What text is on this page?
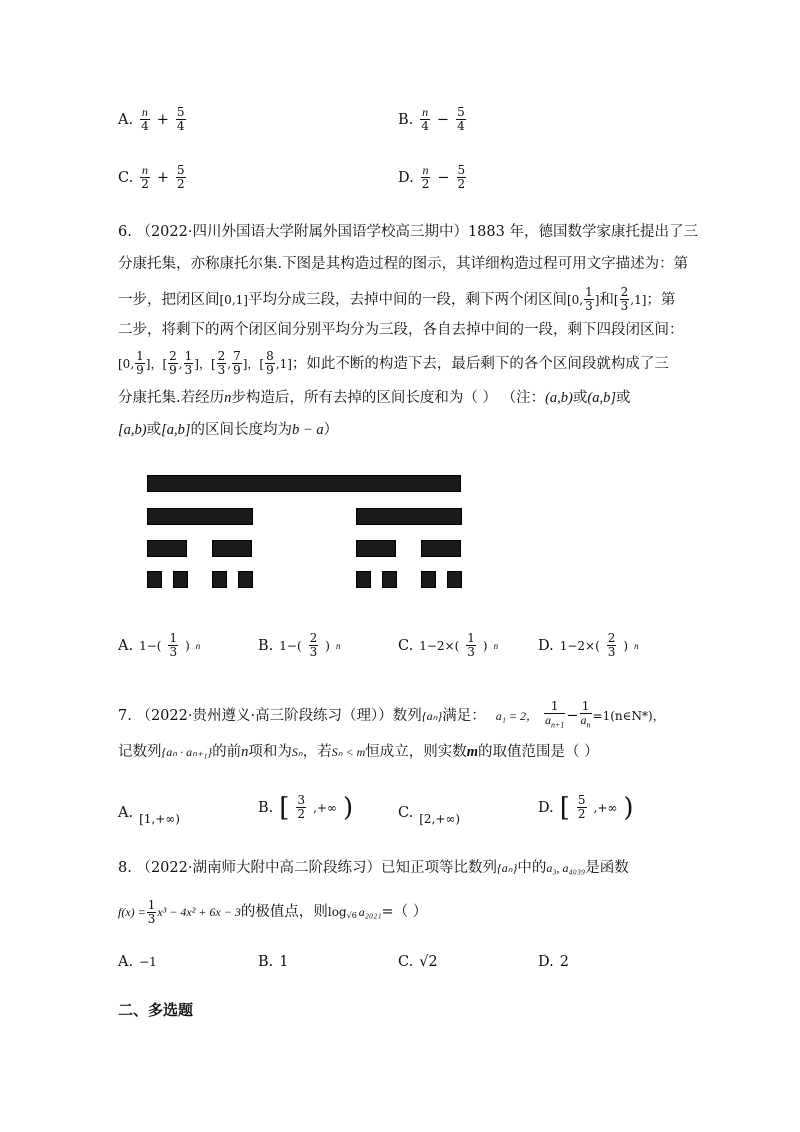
A. $\frac{n}{4} + \frac{5}{4}$	B. $\frac{n}{4} - \frac{5}{4}$
C. $\frac{n}{2} + \frac{5}{2}$	D. $\frac{n}{2} - \frac{5}{2}$
6. （2022·四川外国语大学附属外国语学校高三期中）1883 年，德国数学家康托提出了三
分康托集，亦称康托尔集.下图是其构造过程的图示，其详细构造过程可用文字描述为：第
一步，把闭区间 [0,1] 平均分成三段，去掉中间的一段，剩下两个闭区间 [0, $\frac{1}{3}$ ] 和 [ $\frac{2}{3} ,1$] ；第
二步，将剩下的两个闭区间分别平均分为三段，各自去掉中间的一段，剩下四段闭区间：
[0, $\frac{1}{9}$ ]，[ $\frac{2}{9}$ , $\frac{1}{3}$ ]，[ $\frac{2}{3}$ , $\frac{7}{9}$ ]，[ $\frac{8}{9} ,1$] ；如此不断的构造下去，最后剩下的各个区间段就构成了三
分康托集.若经历n步构造后，所有去掉的区间长度和为（ ） （注：(a,b)或(a,b]或
[a,b)或[a,b]的区间长度均为b − a）
A. $1-( \frac{1}{3}$ ) n	B. $1-( \frac{2}{3}$ ) n	C. $1-2\times( \frac{1}{3}$ ) n	D. $1-2\times( \frac{2}{3}$ ) n
7. （2022·贵州遵义·高三阶段练习（理））数列 {aₙ} 满足： a₁ = 2， $\frac{1}{a_{n+1}} - \frac{1}{a_n}$ =1(n∈N*)，
记数列{aₙ · aₙ₊₁}的前n项和为Sₙ，若Sₙ < m恒成立，则实数m的取值范围是（ ）
A. [1,+∞)
B. [ $\frac{3}{2}$ ,+∞ )	C. [2,+∞)
D. [ $\frac{5}{2}$ ,+∞ )
8. （2022·湖南师大附中高二阶段练习）已知正项等比数列{aₙ}中的a₃, a₄₀₃₉是函数
$f(x) = \frac{1}{3} x^3 - 4x^2 + 6x - 3$ 的极值点，则 $\log_{√6} a_{2021}$ =（ ）
A. −1	B. 1	C. √2	D. 2
二、多选题
